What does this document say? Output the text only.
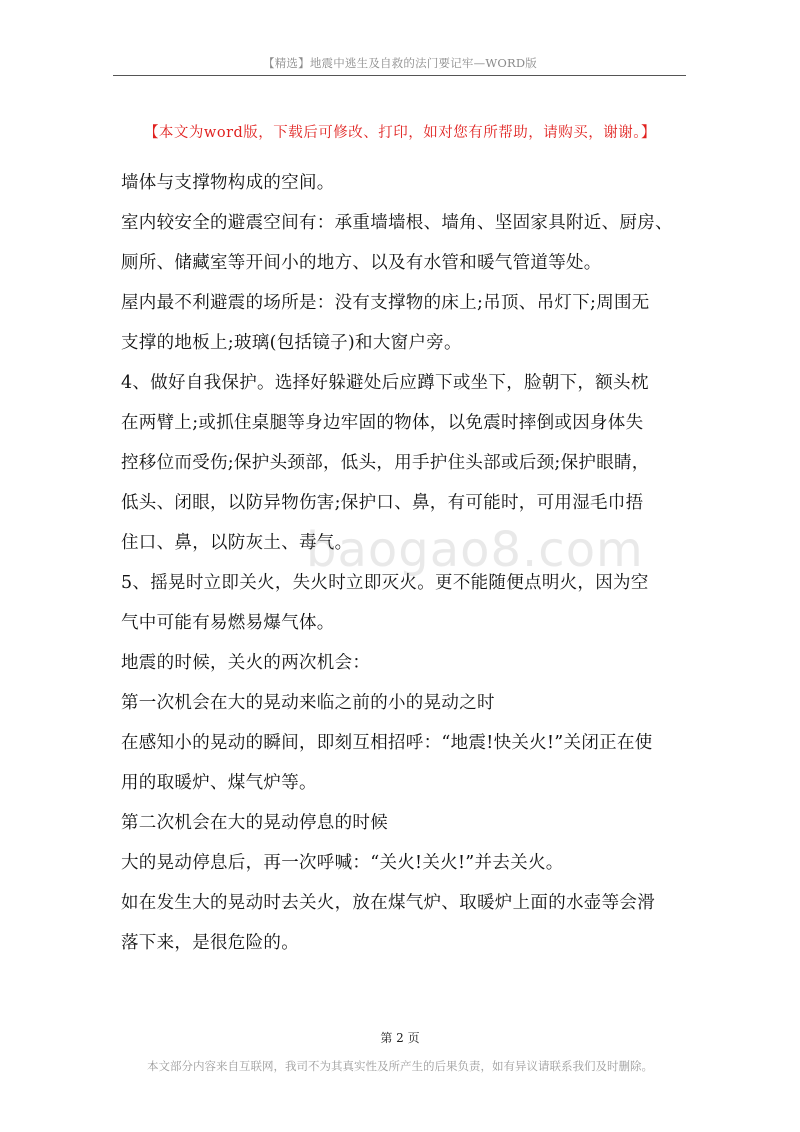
【精选】地震中逃生及自救的法门要记牢—WORD版
【本文为word版，下载后可修改、打印，如对您有所帮助，请购买，谢谢。】
墙体与支撑物构成的空间。
室内较安全的避震空间有：承重墙墙根、墙角、坚固家具附近、厨房、
厕所、储藏室等开间小的地方、以及有水管和暖气管道等处。
屋内最不利避震的场所是：没有支撑物的床上;吊顶、吊灯下;周围无
支撑的地板上;玻璃(包括镜子)和大窗户旁。
4、做好自我保护。选择好躲避处后应蹲下或坐下，脸朝下，额头枕
在两臂上;或抓住桌腿等身边牢固的物体，以免震时摔倒或因身体失
控移位而受伤;保护头颈部，低头，用手护住头部或后颈;保护眼睛，
低头、闭眼，以防异物伤害;保护口、鼻，有可能时，可用湿毛巾捂
住口、鼻，以防灰土、毒气。
5、摇晃时立即关火，失火时立即灭火。更不能随便点明火，因为空
气中可能有易燃易爆气体。
地震的时候，关火的两次机会：
第一次机会在大的晃动来临之前的小的晃动之时
在感知小的晃动的瞬间，即刻互相招呼：“地震!快关火!”关闭正在使
用的取暖炉、煤气炉等。
第二次机会在大的晃动停息的时候
大的晃动停息后，再一次呼喊：“关火!关火!”并去关火。
如在发生大的晃动时去关火，放在煤气炉、取暖炉上面的水壶等会滑
落下来，是很危险的。
baogao8.com
第 2 页
本文部分内容来自互联网，我司不为其真实性及所产生的后果负责，如有异议请联系我们及时删除。
